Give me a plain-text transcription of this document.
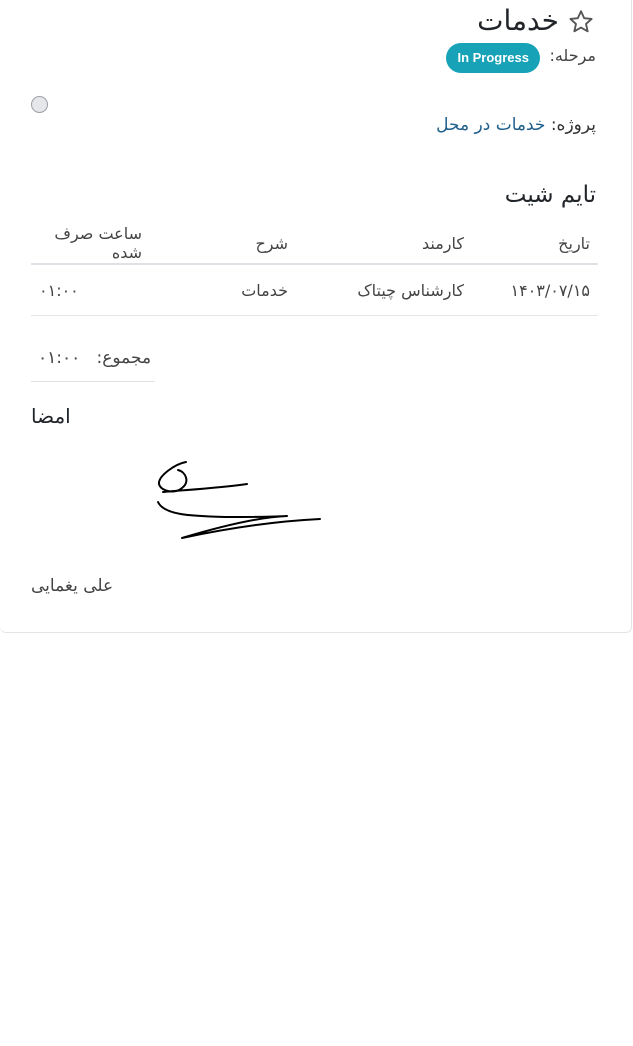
خدمات
مرحله:
In Progress
پروژه: خدمات در محل
تایم شیت
تاریخ	کارمند	شرح	ساعت صرف شده
۱۴۰۳/۰۷/۱۵	کارشناس چیتاک	خدمات	۰۱:۰۰
مجموع:   ۰۱:۰۰
امضا
علی یغمایی
